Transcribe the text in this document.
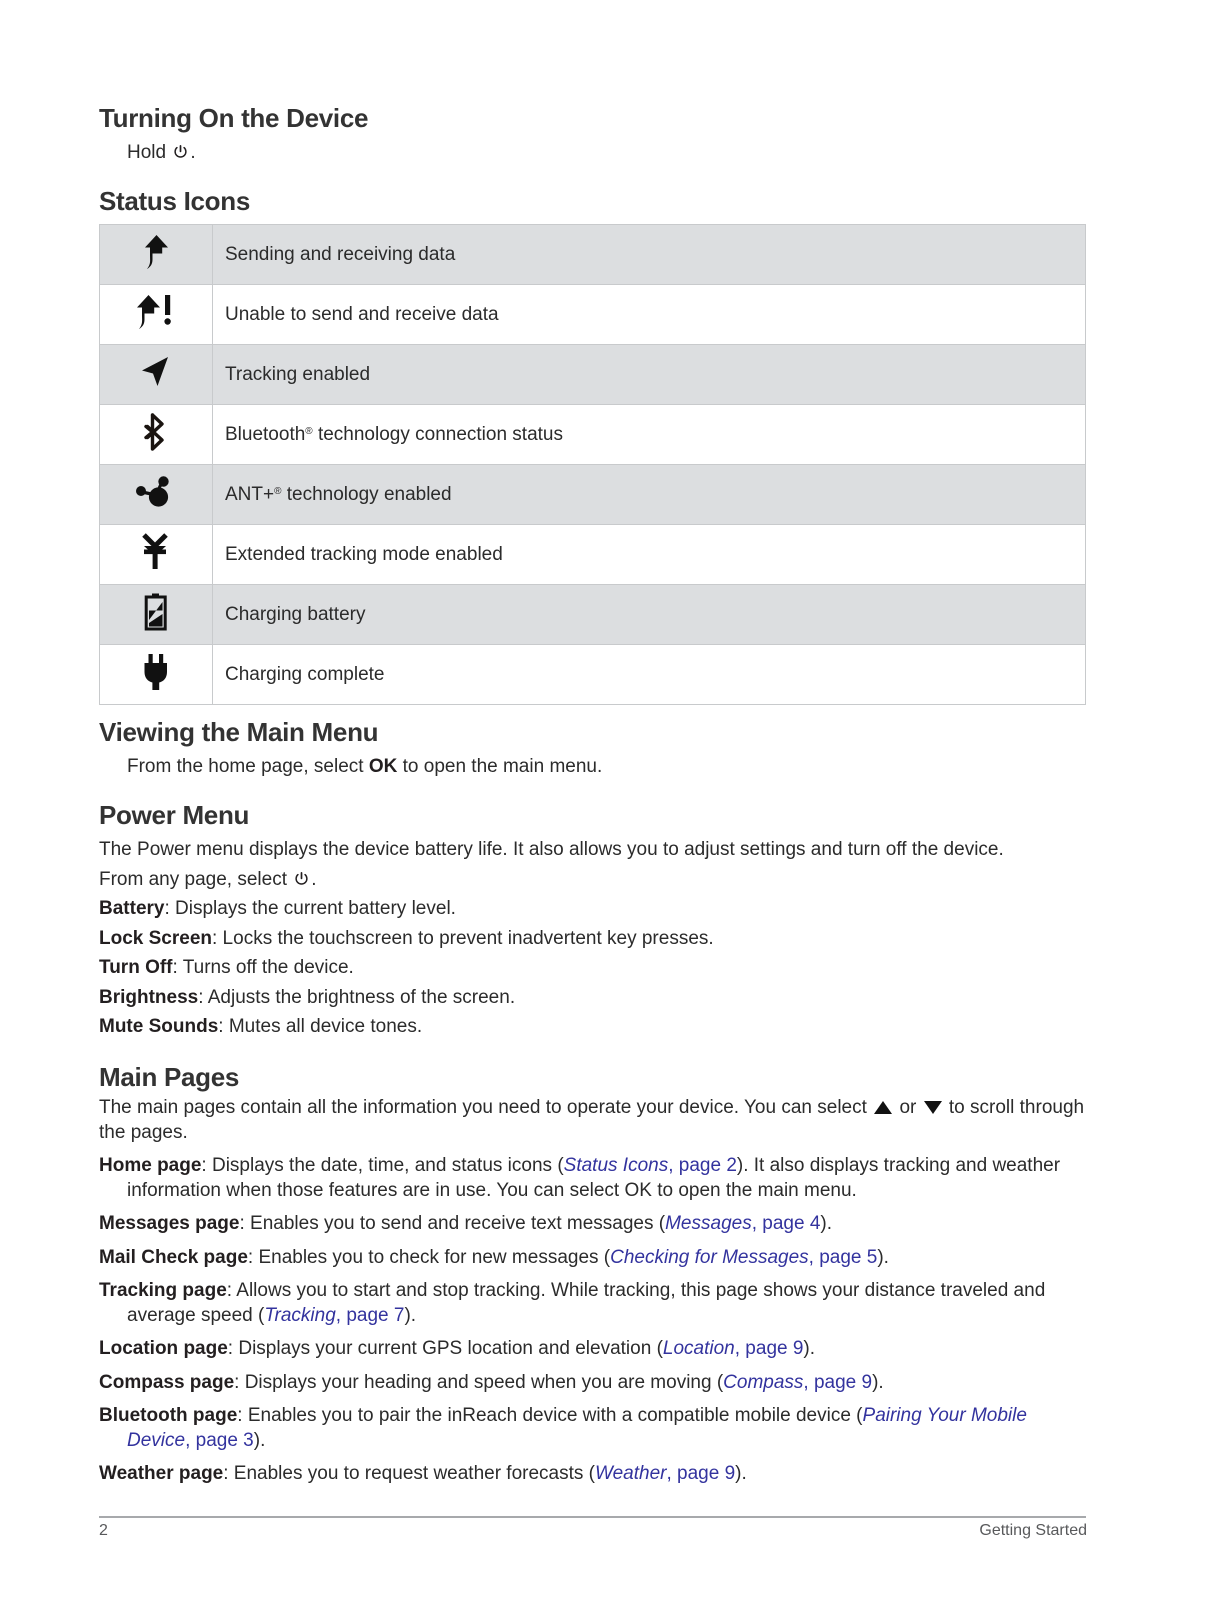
Turning On the Device
Hold .
Status Icons
	Sending and receiving data
	Unable to send and receive data
	Tracking enabled
	Bluetooth® technology connection status
	ANT+® technology enabled
	Extended tracking mode enabled
	Charging battery
	Charging complete
Viewing the Main Menu
From the home page, select OK to open the main menu.
Power Menu

The Power menu displays the device battery life. It also allows you to adjust settings and turn off the device.

From any page, select .

Battery: Displays the current battery level.

Lock Screen: Locks the touchscreen to prevent inadvertent key presses.

Turn Off: Turns off the device.

Brightness: Adjusts the brightness of the screen.

Mute Sounds: Mutes all device tones.

Main Pages

The main pages contain all the information you need to operate your device. You can select  or  to scroll through the pages.

Home page: Displays the date, time, and status icons (Status Icons, page 2). It also displays tracking and weather information when those features are in use. You can select OK to open the main menu.

Messages page: Enables you to send and receive text messages (Messages, page 4).

Mail Check page: Enables you to check for new messages (Checking for Messages, page 5).

Tracking page: Allows you to start and stop tracking. While tracking, this page shows your distance traveled and average speed (Tracking, page 7).

Location page: Displays your current GPS location and elevation (Location, page 9).

Compass page: Displays your heading and speed when you are moving (Compass, page 9).

Bluetooth page: Enables you to pair the inReach device with a compatible mobile device (Pairing Your Mobile Device, page 3).

Weather page: Enables you to request weather forecasts (Weather, page 9).

2	Getting Started
